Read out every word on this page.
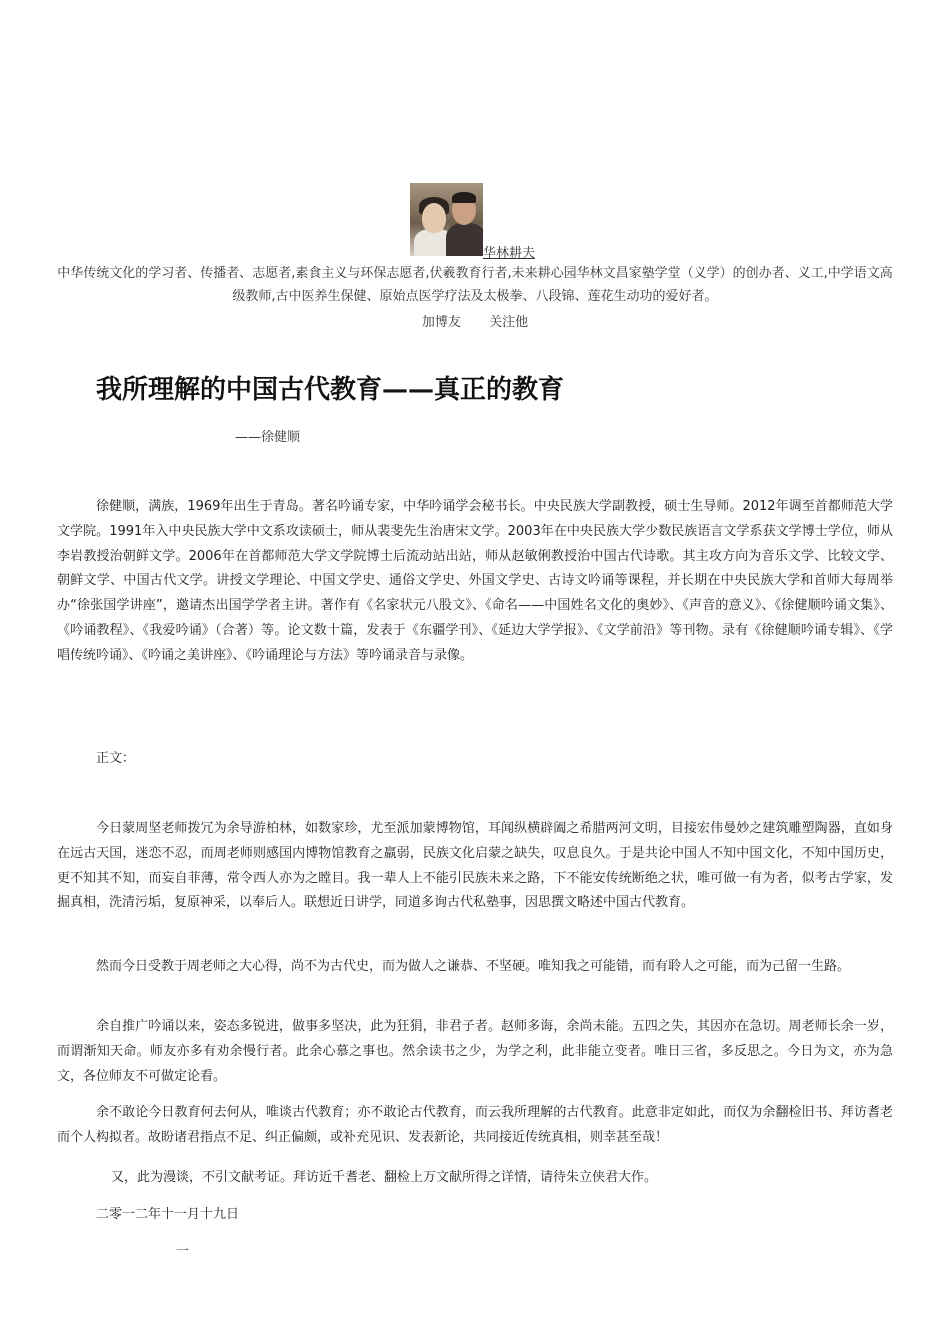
华林耕夫
中华传统文化的学习者、传播者、志愿者,素食主义与环保志愿者,伏羲教育行者,未来耕心园华林文昌家塾学堂（义学）的创办者、义工,中学语文高级教师,古中医养生保健、原始点医学疗法及太极拳、八段锦、莲花生动功的爱好者。
加博友 关注他
我所理解的中国古代教育——真正的教育
——徐健顺

徐健顺，满族，1969年出生于青岛。著名吟诵专家，中华吟诵学会秘书长。中央民族大学副教授，硕士生导师。2012年调至首都师范大学文学院。1991年入中央民族大学中文系攻读硕士，师从裴斐先生治唐宋文学。2003年在中央民族大学少数民族语言文学系获文学博士学位，师从李岩教授治朝鲜文学。2006年在首都师范大学文学院博士后流动站出站，师从赵敏俐教授治中国古代诗歌。其主攻方向为音乐文学、比较文学、朝鲜文学、中国古代文学。讲授文学理论、中国文学史、通俗文学史、外国文学史、古诗文吟诵等课程，并长期在中央民族大学和首师大每周举办“徐张国学讲座”，邀请杰出国学学者主讲。著作有《名家状元八股文》、《命名——中国姓名文化的奥妙》、《声音的意义》、《徐健顺吟诵文集》、《吟诵教程》、《我爱吟诵》（合著）等。论文数十篇，发表于《东疆学刊》、《延边大学学报》、《文学前沿》等刊物。录有《徐健顺吟诵专辑》、《学唱传统吟诵》、《吟诵之美讲座》、《吟诵理论与方法》等吟诵录音与录像。

正文：

今日蒙周坚老师拨冗为余导游柏林，如数家珍，尤至派加蒙博物馆，耳闻纵横辟阖之希腊两河文明，目接宏伟曼妙之建筑雕塑陶器，直如身在远古天国，迷恋不忍，而周老师则感国内博物馆教育之羸弱，民族文化启蒙之缺失，叹息良久。于是共论中国人不知中国文化，不知中国历史，更不知其不知，而妄自菲薄，常令西人亦为之瞠目。我一辈人上不能引民族未来之路，下不能安传统断绝之状，唯可做一有为者，似考古学家，发掘真相，洗清污垢，复原神采，以奉后人。联想近日讲学，同道多询古代私塾事，因思撰文略述中国古代教育。

然而今日受教于周老师之大心得，尚不为古代史，而为做人之谦恭、不坚硬。唯知我之可能错，而有聆人之可能，而为己留一生路。

余自推广吟诵以来，姿态多锐进，做事多坚决，此为狂狷，非君子者。赵师多诲，余尚未能。五四之失，其因亦在急切。周老师长余一岁，而谓渐知天命。师友亦多有劝余慢行者。此余心慕之事也。然余读书之少，为学之利，此非能立变者。唯日三省，多反思之。今日为文，亦为急文，各位师友不可做定论看。

余不敢论今日教育何去何从，唯谈古代教育；亦不敢论古代教育，而云我所理解的古代教育。此意非定如此，而仅为余翻检旧书、拜访耆老而个人构拟者。故盼诸君指点不足、纠正偏颇，或补充见识、发表新论，共同接近传统真相，则幸甚至哉！

又，此为漫谈，不引文献考证。拜访近千耆老、翻检上万文献所得之详情，请待朱立侠君大作。

二零一二年十一月十九日

一
